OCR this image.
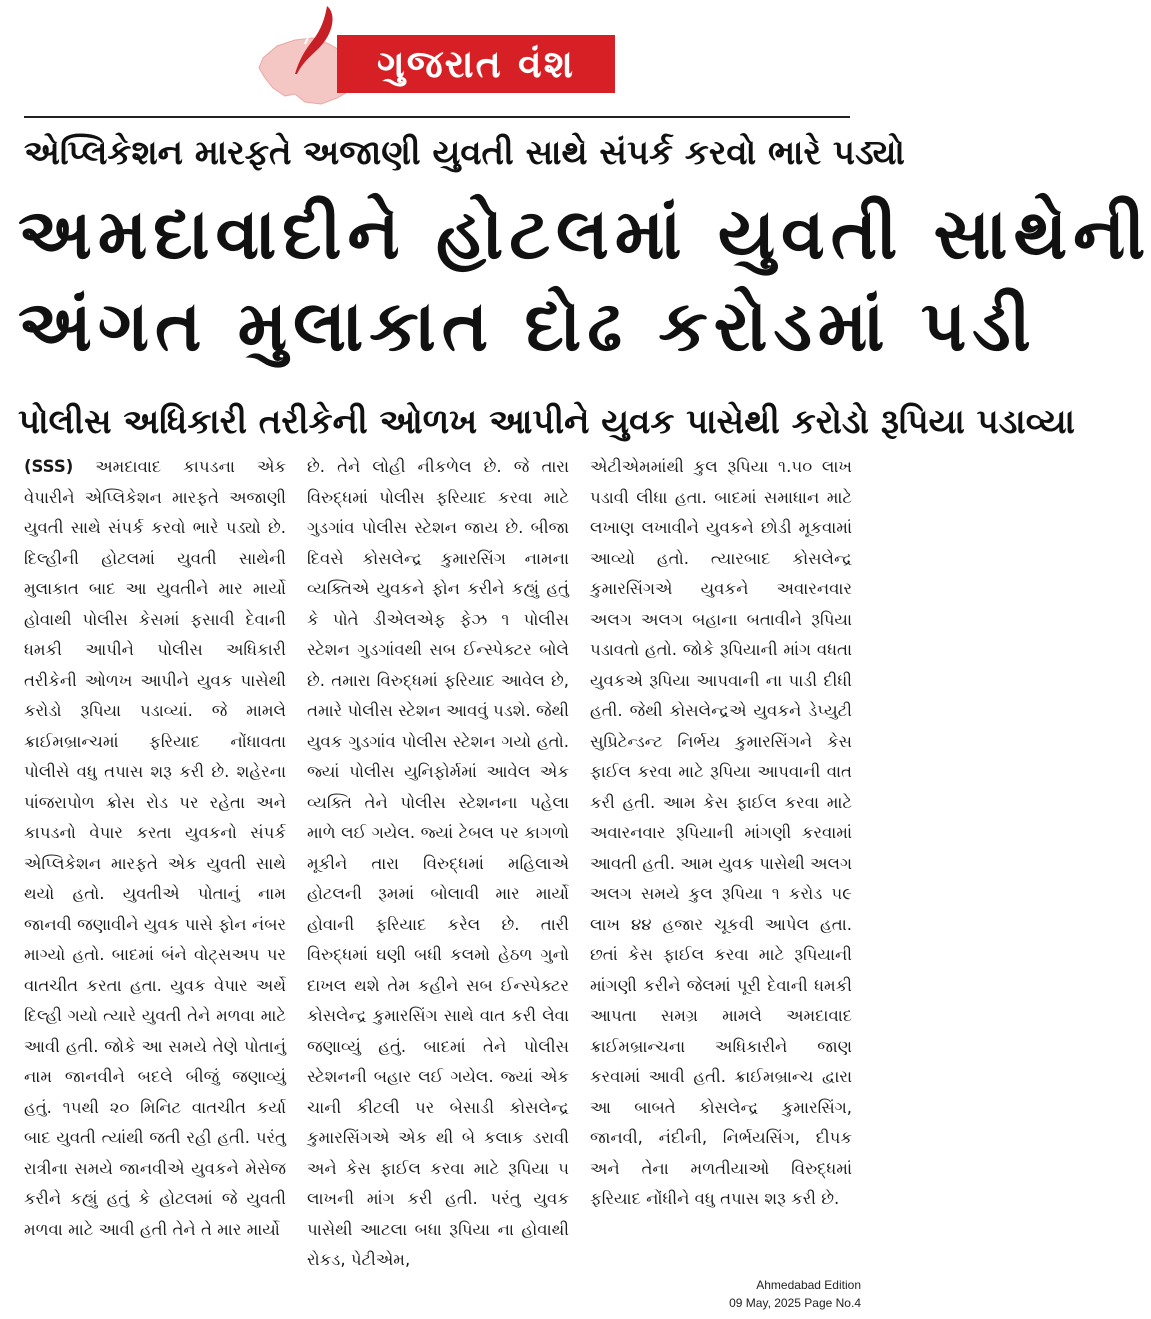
ગુજરાત વંશ
એપ્લિકેશન મારફતે અજાણી યુવતી સાથે સંપર્ક કરવો ભારે પડ્યો
અમદાવાદીને હોટલમાં યુવતી સાથેની
અંગત મુલાકાત દોઢ કરોડમાં પડી
પોલીસ અધિકારી તરીકેની ઓળખ આપીને યુવક પાસેથી કરોડો રૂપિયા પડાવ્યા

(SSS) અમદાવાદ કાપડના એક વેપારીને એપ્લિકેશન મારફતે અજાણી યુવતી સાથે સંપર્ક કરવો ભારે પડ્યો છે. દિલ્હીની હોટલમાં યુવતી સાથેની મુલાકાત બાદ આ યુવતીને માર માર્યો હોવાથી પોલીસ કેસમાં ફસાવી દેવાની ધમકી આપીને પોલીસ અધિકારી તરીકેની ઓળખ આપીને યુવક પાસેથી કરોડો રૂપિયા પડાવ્યાં. જે મામલે ક્રાઈમબ્રાન્ચમાં ફરિયાદ નોંધાવતા પોલીસે વધુ તપાસ શરૂ કરી છે. શહેરના પાંજરાપોળ ક્રોસ રોડ પર રહેતા અને કાપડનો વેપાર કરતા યુવકનો સંપર્ક એપ્લિકેશન મારફતે એક યુવતી સાથે થયો હતો. યુવતીએ પોતાનું નામ જાનવી જણાવીને યુવક પાસે ફોન નંબર માગ્યો હતો. બાદમાં બંને વોટ્સઅપ પર વાતચીત કરતા હતા. યુવક વેપાર અર્થે દિલ્હી ગયો ત્યારે યુવતી તેને મળવા માટે આવી હતી. જોકે આ સમયે તેણે પોતાનું નામ જાનવીને બદલે બીજું જણાવ્યું હતું. ૧૫થી ૨૦ મિનિટ વાતચીત કર્યા બાદ યુવતી ત્યાંથી જતી રહી હતી. પરંતુ રાત્રીના સમયે જાનવીએ યુવકને મેસેજ કરીને કહ્યું હતું કે હોટલમાં જે યુવતી મળવા માટે આવી હતી તેને તે માર માર્યો

છે. તેને લોહી નીકળેલ છે. જે તારા વિરુદ્ધમાં પોલીસ ફરિયાદ કરવા માટે ગુડગાંવ પોલીસ સ્ટેશન જાય છે. બીજા દિવસે કોસલેન્દ્ર કુમારસિંગ નામના વ્યક્તિએ યુવકને ફોન કરીને કહ્યું હતું કે પોતે ડીએલએફ ફેઝ ૧ પોલીસ સ્ટેશન ગુડગાંવથી સબ ઈન્સ્પેક્ટર બોલે છે. તમારા વિરુદ્ધમાં ફરિયાદ આવેલ છે, તમારે પોલીસ સ્ટેશન આવવું પડશે. જેથી યુવક ગુડગાંવ પોલીસ સ્ટેશન ગયો હતો. જ્યાં પોલીસ યુનિફોર્મમાં આવેલ એક વ્યક્તિ તેને પોલીસ સ્ટેશનના પહેલા માળે લઈ ગયેલ. જ્યાં ટેબલ પર કાગળો મૂકીને તારા વિરુદ્ધમાં મહિલાએ હોટલની રૂમમાં બોલાવી માર માર્યો હોવાની ફરિયાદ કરેલ છે. તારી વિરુદ્ધમાં ઘણી બધી કલમો હેઠળ ગુનો દાખલ થશે તેમ કહીને સબ ઈન્સ્પેક્ટર કોસલેન્દ્ર કુમારસિંગ સાથે વાત કરી લેવા જણાવ્યું હતું. બાદમાં તેને પોલીસ સ્ટેશનની બહાર લઈ ગયેલ. જ્યાં એક ચાની કીટલી પર બેસાડી કોસલેન્દ્ર કુમારસિંગએ એક થી બે કલાક ડરાવી અને કેસ ફાઈલ કરવા માટે રૂપિયા ૫ લાખની માંગ કરી હતી. પરંતુ યુવક પાસેથી આટલા બધા રૂપિયા ના હોવાથી રોકડ, પેટીએમ,

એટીએમમાંથી કુલ રૂપિયા ૧.૫૦ લાખ પડાવી લીધા હતા. બાદમાં સમાધાન માટે લખાણ લખાવીને યુવકને છોડી મૂકવામાં આવ્યો હતો. ત્યારબાદ કોસલેન્દ્ર કુમારસિંગએ યુવકને અવારનવાર અલગ અલગ બહાના બતાવીને રૂપિયા પડાવતો હતો. જોકે રૂપિયાની માંગ વધતા યુવકએ રૂપિયા આપવાની ના પાડી દીધી હતી. જેથી કોસલેન્દ્રએ યુવકને ડેપ્યુટી સુપ્રિટેન્ડન્ટ નિર્ભય કુમારસિંગને કેસ ફાઈલ કરવા માટે રૂપિયા આપવાની વાત કરી હતી. આમ કેસ ફાઈલ કરવા માટે અવારનવાર રૂપિયાની માંગણી કરવામાં આવતી હતી. આમ યુવક પાસેથી અલગ અલગ સમયે કુલ રૂપિયા ૧ કરોડ ૫૯ લાખ ૪૪ હજાર ચૂકવી આપેલ હતા. છતાં કેસ ફાઈલ કરવા માટે રૂપિયાની માંગણી કરીને જેલમાં પૂરી દેવાની ધમકી આપતા સમગ્ર મામલે અમદાવાદ ક્રાઈમબ્રાન્ચના અધિકારીને જાણ કરવામાં આવી હતી. ક્રાઈમબ્રાન્ચ દ્વારા આ બાબતે કોસલેન્દ્ર કુમારસિંગ, જાનવી, નંદીની, નિર્ભયસિંગ, દીપક અને તેના મળતીયાઓ વિરુદ્ધમાં ફરિયાદ નોંધીને વધુ તપાસ શરૂ કરી છે.

Ahmedabad Edition
09 May, 2025 Page No.4
